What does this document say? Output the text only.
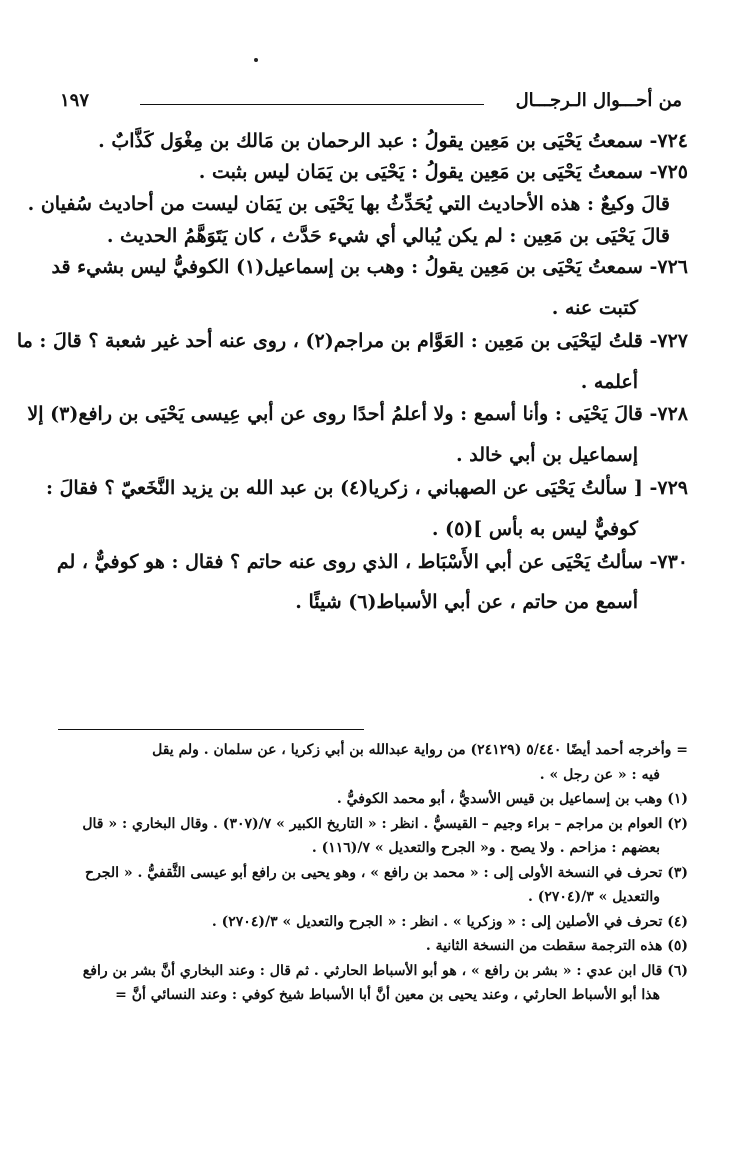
من أحـــوال الـرجـــال
١٩٧
٧٢٤- سمعتُ يَحْيَى بن مَعِين يقولُ : عبد الرحمان بن مَالك بن مِغْوَل كَذَّابٌ .
٧٢٥- سمعتُ يَحْيَى بن مَعِين يقولُ : يَحْيَى بن يَمَان ليس بثبت .
قالَ وكيعٌ : هذه الأحاديث التي يُحَدِّثُ بها يَحْيَى بن يَمَان ليست من أحاديث سُفيان .
قالَ يَحْيَى بن مَعِين : لم يكن يُبالي أي شيء حَدَّث ، كان يَتَوَهَّمُ الحديث .
٧٢٦- سمعتُ يَحْيَى بن مَعِين يقولُ : وهب بن إسماعيل(١) الكوفيُّ ليس بشيء قد
كتبت عنه .
٧٢٧- قلتُ ليَحْيَى بن مَعِين : العَوَّام بن مراجم(٢) ، روى عنه أحد غير شعبة ؟ قالَ : ما
أعلمه .
٧٢٨- قالَ يَحْيَى : وأنا أسمع : ولا أعلمُ أحدًا روى عن أبي عِيسى يَحْيَى بن رافع(٣) إلا
إسماعيل بن أبي خالد .
٧٢٩- [ سألتُ يَحْيَى عن الصهباني ، زكريا(٤) بن عبد الله بن يزيد النَّخَعيّ ؟ فقالَ :
كوفيٌّ ليس به بأس ](٥) .
٧٣٠- سألتُ يَحْيَى عن أبي الأَسْبَاط ، الذي روى عنه حاتم ؟ فقال : هو كوفيٌّ ، لم
أسمع من حاتم ، عن أبي الأسباط(٦) شيئًا .
= وأخرجه أحمد أيضًا ٥/٤٤٠ (٢٤١٢٩) من رواية عبدالله بن أبي زكريا ، عن سلمان . ولم يقل
فيه : « عن رجل » .
(١) وهب بن إسماعيل بن قيس الأسديُّ ، أبو محمد الكوفيُّ .
(٢) العوام بن مراجم – براء وجيم – القيسيُّ . انظر : « التاريخ الكبير » ٧/(٣٠٧) . وقال البخاري : « قال
بعضهم : مزاحم . ولا يصح . و« الجرح والتعديل » ٧/(١١٦) .
(٣) تحرف في النسخة الأولى إلى : « محمد بن رافع » ، وهو يحيى بن رافع أبو عيسى الثَّقفيُّ . « الجرح
والتعديل » ٣/(٢٧٠٤) .
(٤) تحرف في الأصلين إلى : « وزكريا » . انظر : « الجرح والتعديل » ٣/(٢٧٠٤) .
(٥) هذه الترجمة سقطت من النسخة الثانية .
(٦) قال ابن عدي : « بشر بن رافع » ، هو أبو الأسباط الحارثي . ثم قال : وعند البخاري أنَّ بشر بن رافع
هذا أبو الأسباط الحارثي ، وعند يحيى بن معين أنَّ أبا الأسباط شيخ كوفي : وعند النسائي أنَّ =
